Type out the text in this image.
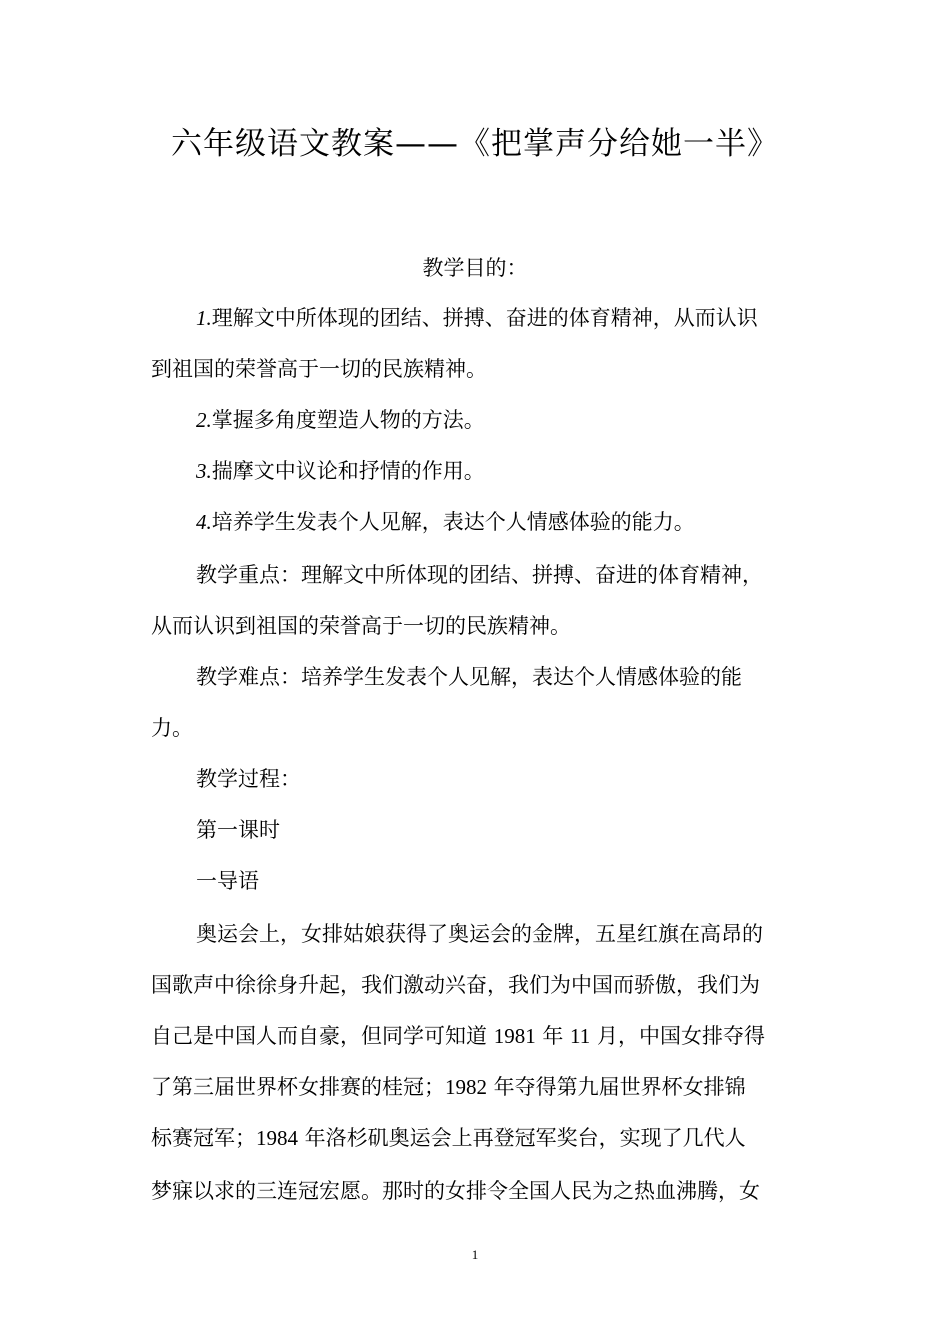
六年级语文教案——《把掌声分给她一半》
教学目的：
1.理解文中所体现的团结、拼搏、奋进的体育精神，从而认识
到祖国的荣誉高于一切的民族精神。
2.掌握多角度塑造人物的方法。
3.揣摩文中议论和抒情的作用。
4.培养学生发表个人见解，表达个人情感体验的能力。
教学重点：理解文中所体现的团结、拼搏、奋进的体育精神，
从而认识到祖国的荣誉高于一切的民族精神。
教学难点：培养学生发表个人见解，表达个人情感体验的能
力。
教学过程：
第一课时
一导语
奥运会上，女排姑娘获得了奥运会的金牌，五星红旗在高昂的
国歌声中徐徐身升起，我们激动兴奋，我们为中国而骄傲，我们为
自己是中国人而自豪，但同学可知道 1981 年 11 月，中国女排夺得
了第三届世界杯女排赛的桂冠；1982 年夺得第九届世界杯女排锦
标赛冠军；1984 年洛杉矶奥运会上再登冠军奖台，实现了几代人
梦寐以求的三连冠宏愿。那时的女排令全国人民为之热血沸腾，女
1
